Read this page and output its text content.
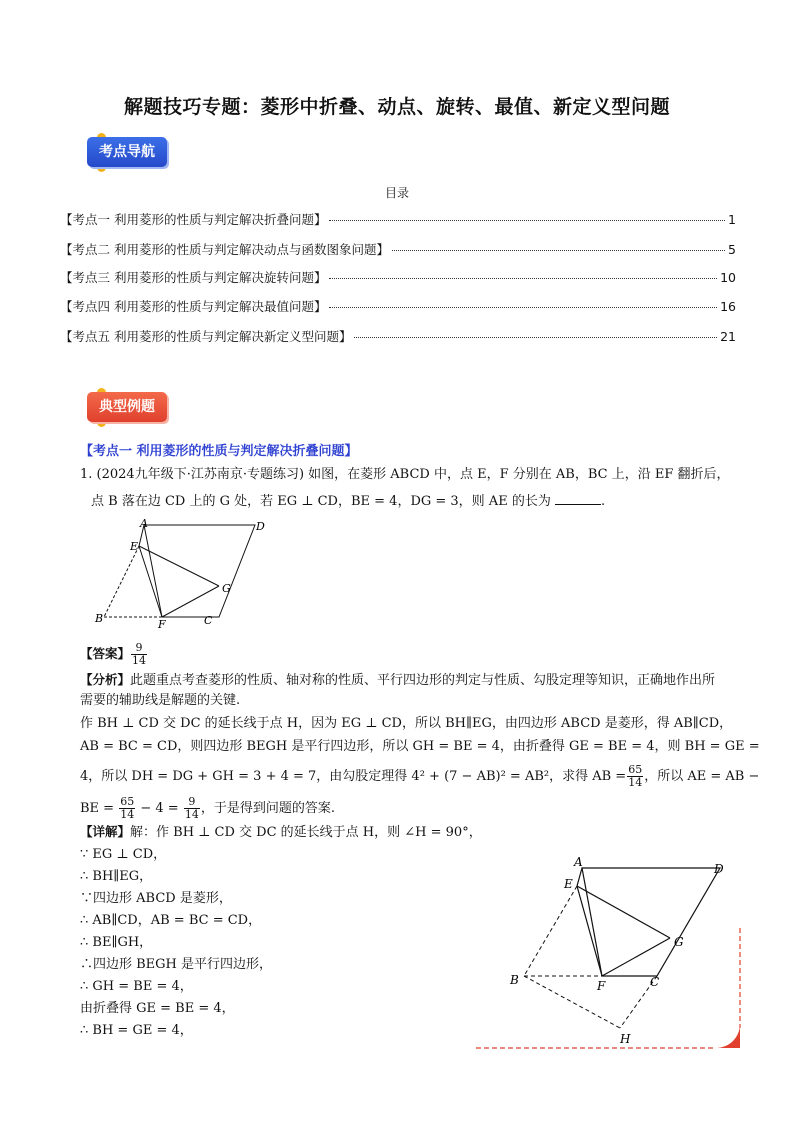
解题技巧专题：菱形中折叠、动点、旋转、最值、新定义型问题
考点导航
目录
【考点一 利用菱形的性质与判定解决折叠问题】	1
【考点二 利用菱形的性质与判定解决动点与函数图象问题】	5
【考点三 利用菱形的性质与判定解决旋转问题】	10
【考点四 利用菱形的性质与判定解决最值问题】	16
【考点五 利用菱形的性质与判定解决新定义型问题】	21
典型例题
【考点一 利用菱形的性质与判定解决折叠问题】
1. (2024九年级下·江苏南京·专题练习) 如图，在菱形 ABCD 中，点 E，F 分别在 AB，BC 上，沿 EF 翻折后，
点 B 落在边 CD 上的 G 处，若 EG ⊥ CD，BE = 4，DG = 3，则 AE 的长为	.
A	D
E
G
B	F	C
【答案】 $\frac{9}{14}$
【分析】此题重点考查菱形的性质、轴对称的性质、平行四边形的判定与性质、勾股定理等知识，正确地作出所
需要的辅助线是解题的关键.
作 BH ⊥ CD 交 DC 的延长线于点 H，因为 EG ⊥ CD，所以 BH∥EG，由四边形 ABCD 是菱形，得 AB∥CD，
AB = BC = CD，则四边形 BEGH 是平行四边形，所以 GH = BE = 4，由折叠得 GE = BE = 4，则 BH = GE =
4，所以 DH = DG + GH = 3 + 4 = 7，由勾股定理得 4² + (7 − AB)² = AB²，求得 AB = $\frac{65}{14}$ ，所以 AE = AB −
BE = $\frac{65}{14} - 4 = \frac{9}{14}$ ，于是得到问题的答案.
【详解】解：作 BH ⊥ CD 交 DC 的延长线于点 H，则 ∠H = 90°，
∵ EG ⊥ CD，
∴ BH∥EG，
∵四边形 ABCD 是菱形，
∴ AB∥CD，AB = BC = CD，
∴ BE∥GH，
∴四边形 BEGH 是平行四边形，
∴ GH = BE = 4，
由折叠得 GE = BE = 4，
∴ BH = GE = 4，
A	D
E
G
B	F	C
H
